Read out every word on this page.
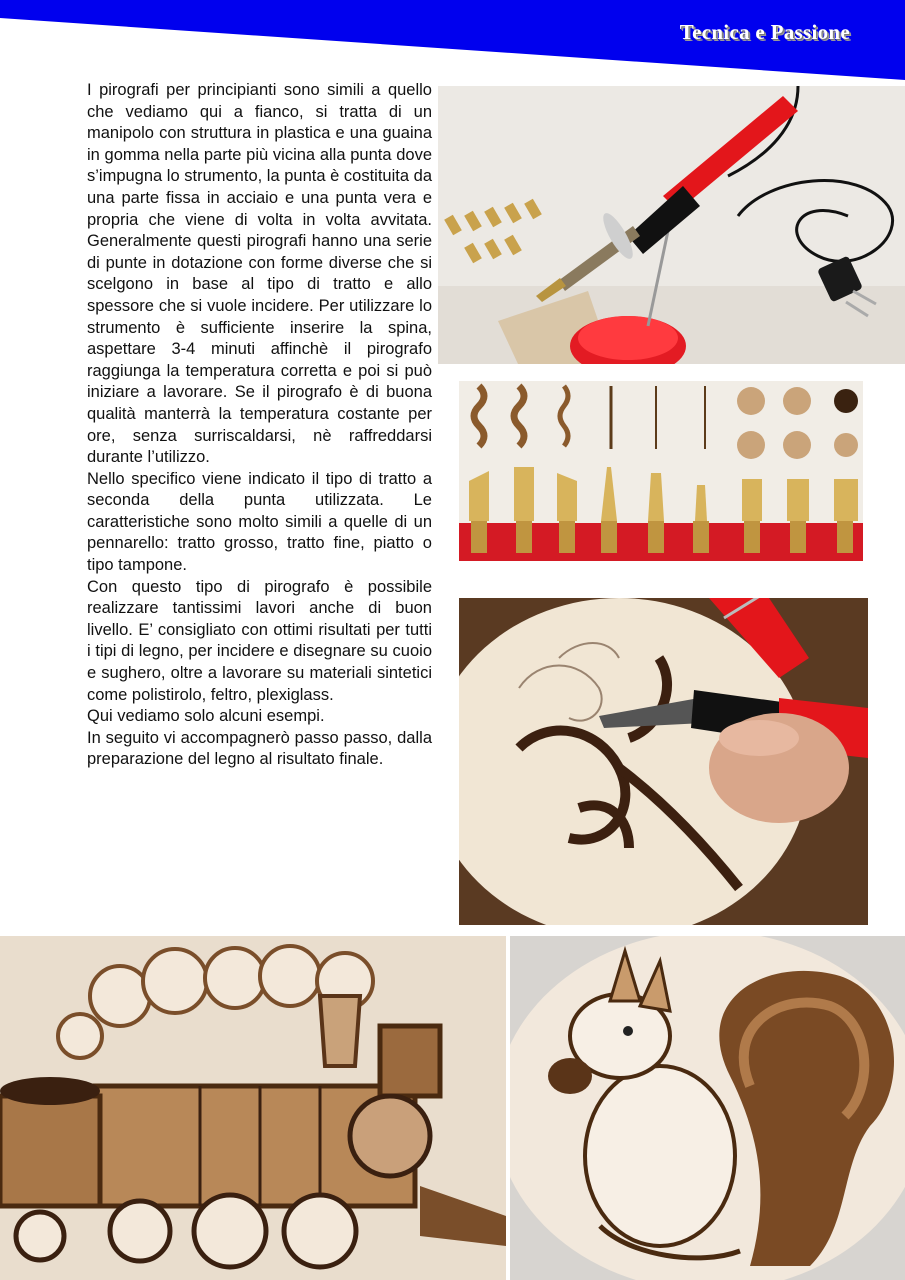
Tecnica e Passione

I pirografi per principianti sono simili a quello che vediamo qui a fianco, si tratta di un manipolo con struttura in plastica e una guaina in gomma nella parte più vicina alla punta dove s’impugna lo strumento, la punta è costituita da una parte fissa in acciaio e una punta vera e propria che viene di volta in volta avvitata. Generalmente questi pirografi hanno una serie di punte in dotazione con forme diverse che si scelgono in base al tipo di tratto e allo spessore che si vuole incidere. Per utilizzare lo strumento è sufficiente inserire la spina, aspettare 3-4 minuti affinchè il pirografo raggiunga la temperatura corretta e poi si può iniziare a lavorare. Se il pirografo è di buona qualità manterrà la temperatura costante per ore, senza surriscaldarsi, nè raffreddarsi durante l’utilizzo.

Nello specifico viene indicato il tipo di tratto a seconda della punta utilizzata. Le caratteristiche sono molto simili a quelle di un pennarello: tratto grosso, tratto fine, piatto o tipo tampone.

Con questo tipo di pirografo è possibile realizzare tantissimi lavori anche di buon livello. E’ consigliato con ottimi risultati per tutti i tipi di legno, per incidere e disegnare su cuoio e sughero, oltre a lavorare su materiali sintetici come polistirolo, feltro, plexiglass.

Qui vediamo solo alcuni esempi.

In seguito vi accompagnerò passo passo, dalla preparazione del legno al risultato finale.
